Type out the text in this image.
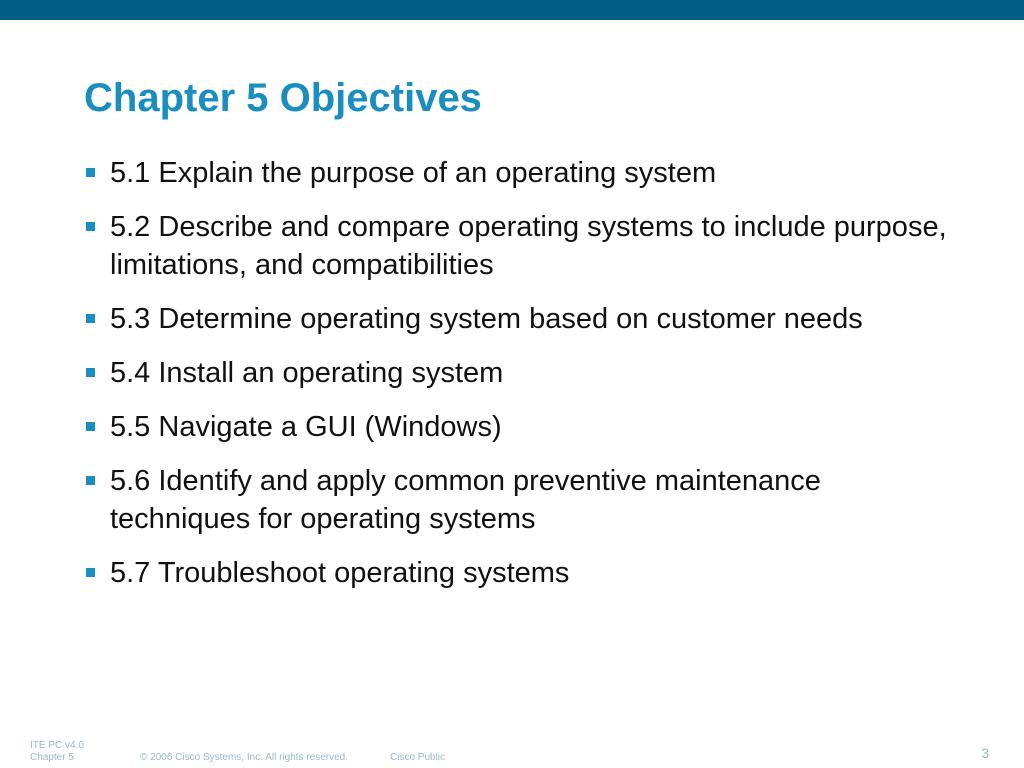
Chapter 5 Objectives
5.1 Explain the purpose of an operating system
5.2 Describe and compare operating systems to include purpose, limitations, and compatibilities
5.3 Determine operating system based on customer needs
5.4 Install an operating system
5.5 Navigate a GUI (Windows)
5.6 Identify and apply common preventive maintenance techniques for operating systems
5.7 Troubleshoot operating systems
ITE PC v4.0
Chapter 5	© 2006 Cisco Systems, Inc. All rights reserved.	Cisco Public	3
